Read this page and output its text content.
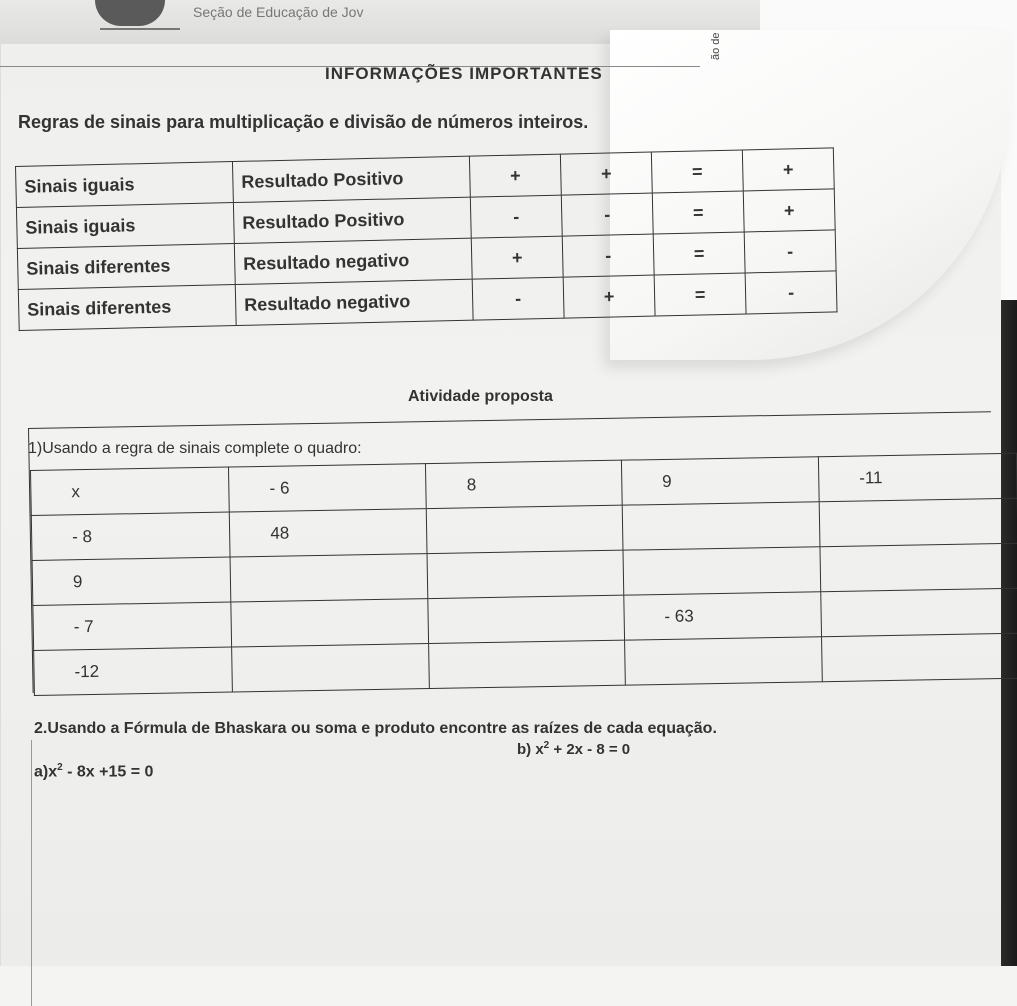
Seção de Educação de Jov
ão de
INFORMAÇÕES IMPORTANTES
Regras de sinais para multiplicação e divisão de números inteiros.
Sinais iguais	Resultado Positivo	+	+	=	+
Sinais iguais	Resultado Positivo	-	-	=	+
Sinais diferentes	Resultado negativo	+	-	=	-
Sinais diferentes	Resultado negativo	-	+	=	-
Atividade proposta
1)Usando a regra de sinais complete o quadro:
x	- 6	8	9	-11
- 8	48			
9				
- 7			- 63	
-12				
2.Usando a Fórmula de Bhaskara ou soma e produto encontre as raízes de cada equação.
$a)x^2 - 8x +15 = 0$
b) $x^2 + 2x - 8 = 0$
